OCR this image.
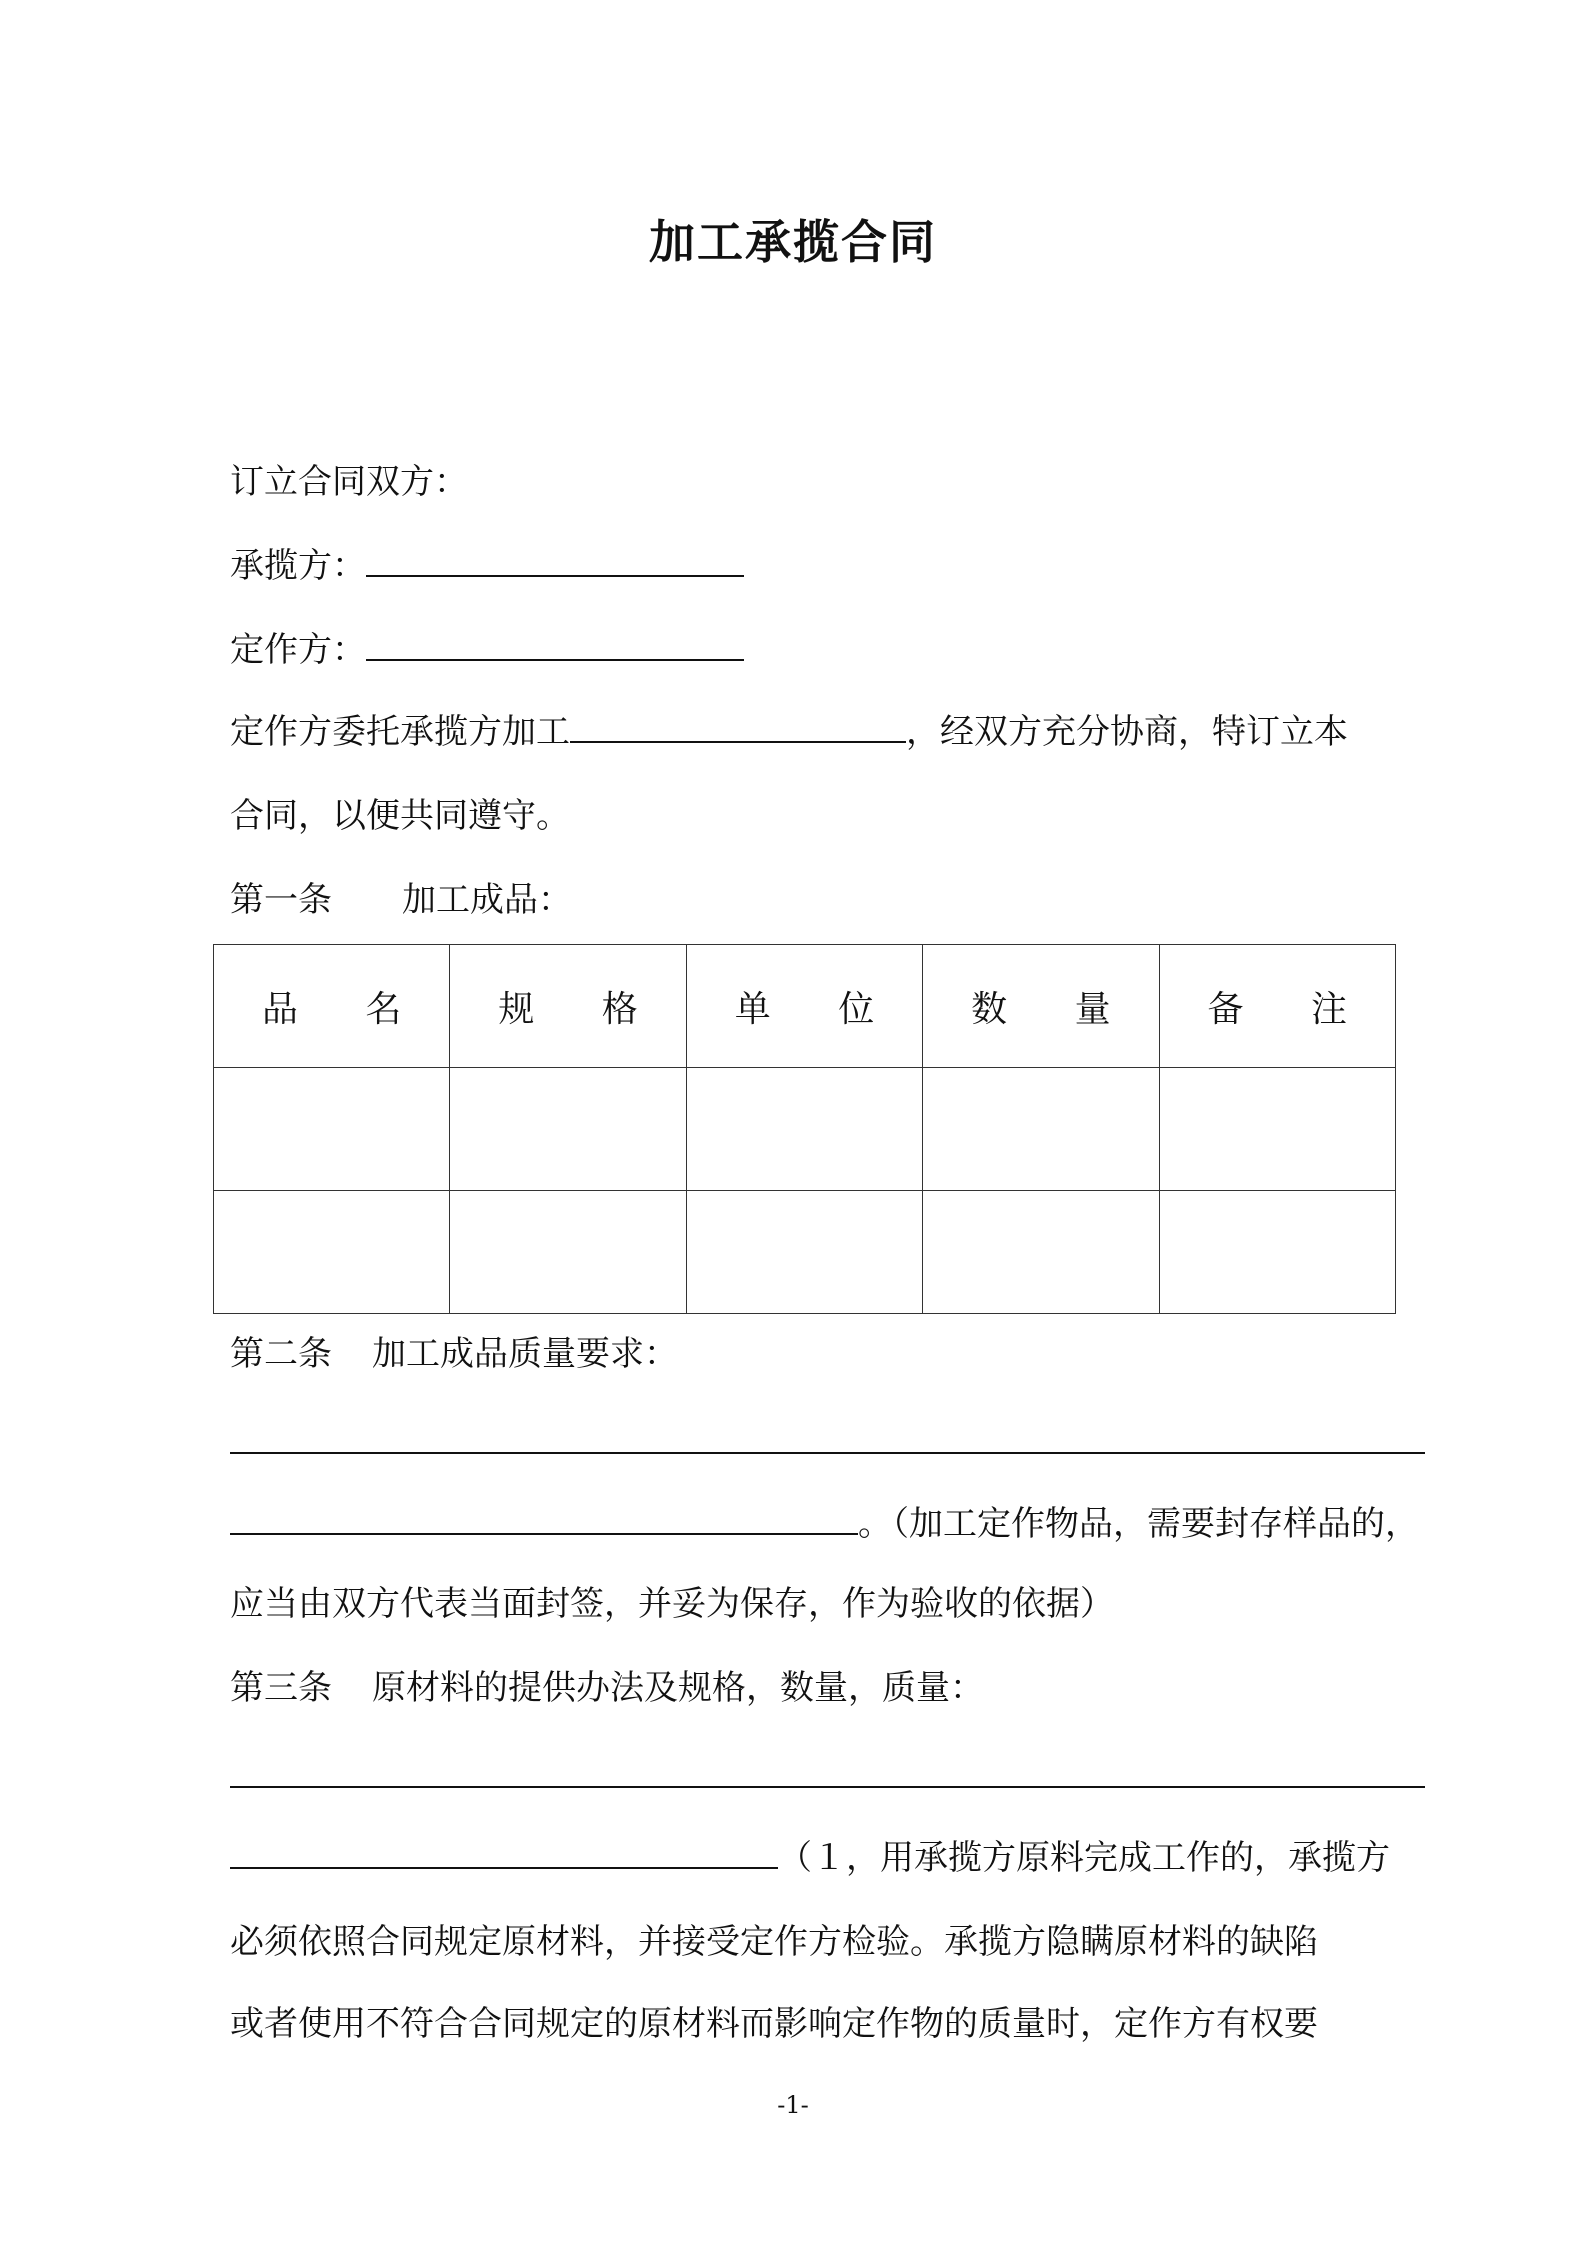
加工承揽合同
订立合同双方：
承揽方：
定作方：
定作方委托承揽方加工	，经双方充分协商，特订立本
合同，以便共同遵守。
第一条 加工成品：
品 名	规 格	单 位	数 量	备 注

第二条 加工成品质量要求：
。（加工定作物品，需要封存样品的，
应当由双方代表当面封签，并妥为保存，作为验收的依据）
第三条 原材料的提供办法及规格，数量，质量：
（１，用承揽方原料完成工作的，承揽方
必须依照合同规定原材料，并接受定作方检验。承揽方隐瞒原材料的缺陷
或者使用不符合合同规定的原材料而影响定作物的质量时，定作方有权要
-1-
